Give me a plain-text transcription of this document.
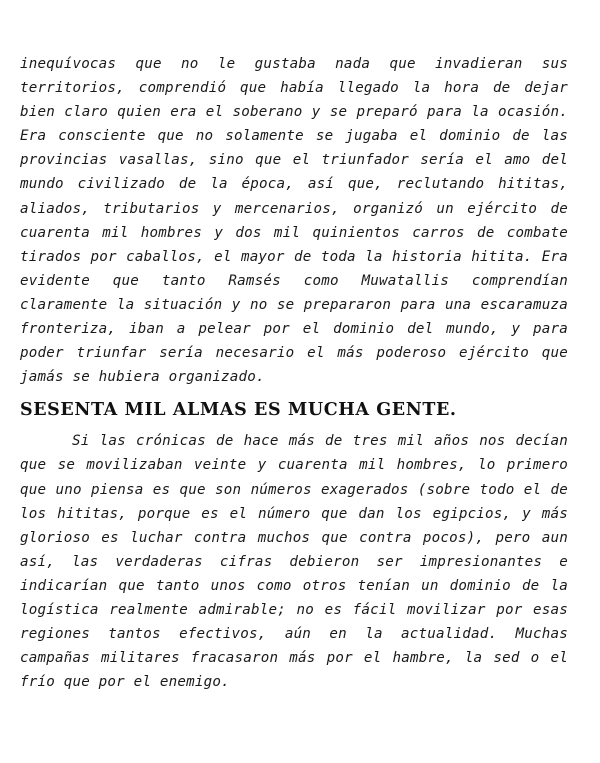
inequívocas que no le gustaba nada que invadieran sus territorios, comprendió que había llegado la hora de dejar bien claro quien era el soberano y se preparó para la ocasión. Era consciente que no solamente se jugaba el dominio de las provincias vasallas, sino que el triunfador sería el amo del mundo civilizado de la época, así que, reclutando hititas, aliados, tributarios y mercenarios, organizó un ejército de cuarenta mil hombres y dos mil quinientos carros de combate tirados por caballos, el mayor de toda la historia hitita. Era evidente que tanto Ramsés como Muwatallis comprendían claramente la situación y no se prepararon para una escaramuza fronteriza, iban a pelear por el dominio del mundo, y para poder triunfar sería necesario el más poderoso ejército que jamás se hubiera organizado.

SESENTA MIL ALMAS ES MUCHA GENTE.

Si las crónicas de hace más de tres mil años nos decían que se movilizaban veinte y cuarenta mil hombres, lo primero que uno piensa es que son números exagerados (sobre todo el de los hititas, porque es el número que dan los egipcios, y más glorioso es luchar contra muchos que contra pocos), pero aun así, las verdaderas cifras debieron ser impresionantes e indicarían que tanto unos como otros tenían un dominio de la logística realmente admirable; no es fácil movilizar por esas regiones tantos efectivos, aún en la actualidad. Muchas campañas militares fracasaron más por el hambre, la sed o el frío que por el enemigo.
